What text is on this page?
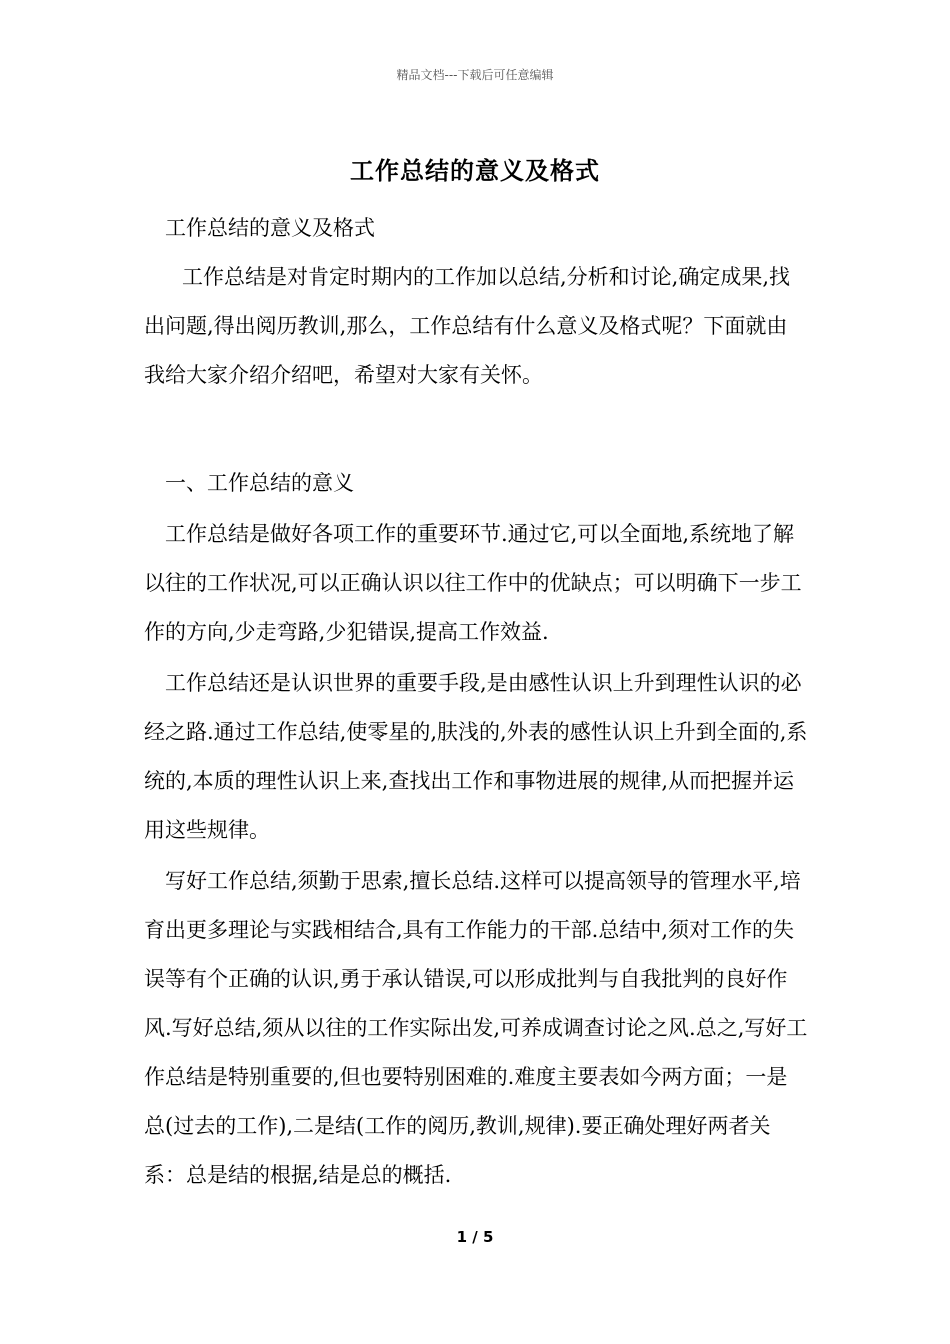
精品文档---下载后可任意编辑
工作总结的意义及格式

工作总结的意义及格式

工作总结是对肯定时期内的工作加以总结,分析和讨论,确定成果,找出问题,得出阅历教训,那么，工作总结有什么意义及格式呢？下面就由我给大家介绍介绍吧，希望对大家有关怀。

一、工作总结的意义

工作总结是做好各项工作的重要环节.通过它,可以全面地,系统地了解以往的工作状况,可以正确认识以往工作中的优缺点；可以明确下一步工作的方向,少走弯路,少犯错误,提高工作效益.

工作总结还是认识世界的重要手段,是由感性认识上升到理性认识的必经之路.通过工作总结,使零星的,肤浅的,外表的感性认识上升到全面的,系统的,本质的理性认识上来,查找出工作和事物进展的规律,从而把握并运用这些规律。

写好工作总结,须勤于思索,擅长总结.这样可以提高领导的管理水平,培育出更多理论与实践相结合,具有工作能力的干部.总结中,须对工作的失误等有个正确的认识,勇于承认错误,可以形成批判与自我批判的良好作风.写好总结,须从以往的工作实际出发,可养成调查讨论之风.总之,写好工作总结是特别重要的,但也要特别困难的.难度主要表如今两方面；一是总(过去的工作),二是结(工作的阅历,教训,规律).要正确处理好两者关系：总是结的根据,结是总的概括.

1 / 5
